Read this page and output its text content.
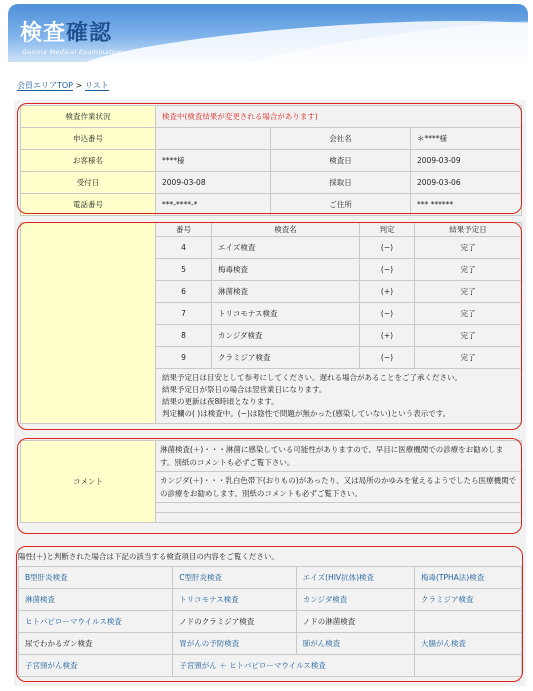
検査確認
Gunma Medical Examination
会員エリアTOP > リスト
検査作業状況	検査中(検査結果が変更される場合があります)		
申込番号		会社名	＊****様
お客様名	****様	検査日	2009-03-09
受付日	2009-03-08	採取日	2009-03-06
電話番号	***-****-*	ご住所	*** ******
	番号	検査名	判定	結果予定日
	4	エイズ検査	(−)	完了
	5	梅毒検査	(−)	完了
	6	淋菌検査	(+)	完了
	7	トリコモナス検査	(−)	完了
	8	カンジダ検査	(+)	完了
	9	クラミジア検査	(−)	完了

	結果予定日は目安として参考にしてください。遅れる場合があることをご了承ください。
結果予定日が祭日の場合は翌営業日になります。
結果の更新は夜8時頃となります。
判定欄の( )は検査中。(−)は陰性で問題が無かった(感染していない)という表示です。			
コメント	淋菌検査(＋)・・・淋菌に感染している可能性がありますので、早目に医療機関での診療をお勧めします。別紙のコメントも必ずご覧下さい。
カンジダ(＋)・・・乳白色帯下(おりもの)があったり、又は局所のかゆみを覚えるようでしたら医療機関での診療をお勧めします。別紙のコメントも必ずご覧下さい。

陽性(＋)と判断された場合は下記の該当する検査項目の内容をご覧ください。
B型肝炎検査	C型肝炎検査	エイズ(HIV抗体)検査	梅毒(TPHA法)検査
淋菌検査	トリコモナス検査	カンジダ検査	クラミジア検査
ヒトパピローマウイルス検査	ノドのクラミジア検査	ノドの淋菌検査	
尿でわかるガン検査	胃がんの予防検査	肺がん検査	大腸がん検査
子宮頸がん検査	子宮頸がん ＋ ヒトパピローマウイルス検査		
